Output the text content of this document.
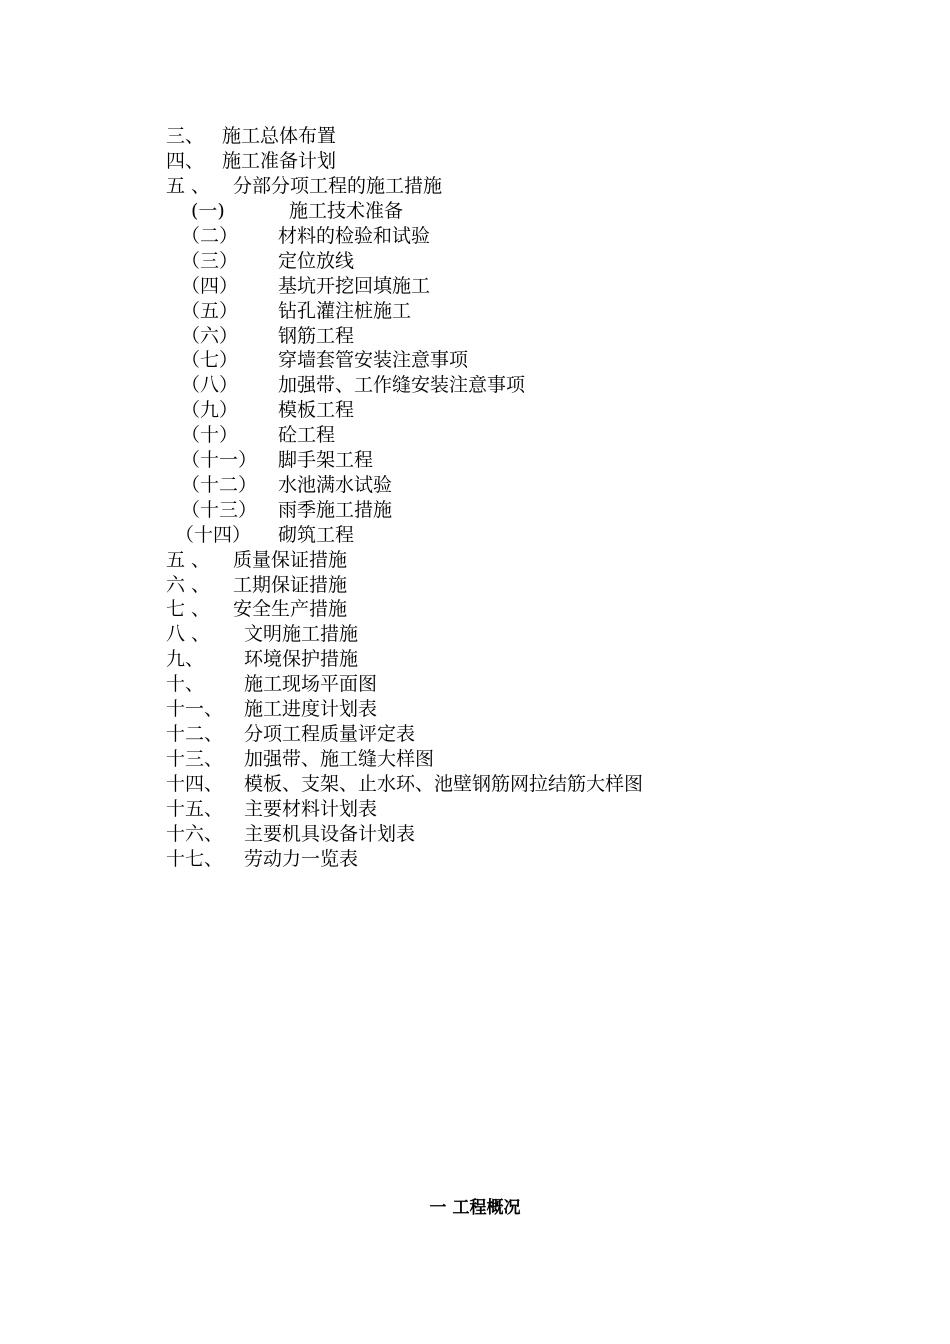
三、 施工总体布置
四、 施工准备计划
五 、 分部分项工程的施工措施
(一)	施工技术准备
（二） 材料的检验和试验
（三） 定位放线
（四） 基坑开挖回填施工
（五） 钻孔灌注桩施工
（六） 钢筋工程
（七） 穿墙套管安装注意事项
（八） 加强带、工作缝安装注意事项
（九） 模板工程
（十） 砼工程
（十一） 脚手架工程
（十二） 水池满水试验
（十三） 雨季施工措施
（十四） 砌筑工程
五 、 质量保证措施
六 、 工期保证措施
七 、 安全生产措施
八 、 文明施工措施
九、 环境保护措施
十、 施工现场平面图
十一、 施工进度计划表
十二、 分项工程质量评定表
十三、 加强带、施工缝大样图
十四、 模板、支架、止水环、池壁钢筋网拉结筋大样图
十五、 主要材料计划表
十六、 主要机具设备计划表
十七、 劳动力一览表
一 工程概况
